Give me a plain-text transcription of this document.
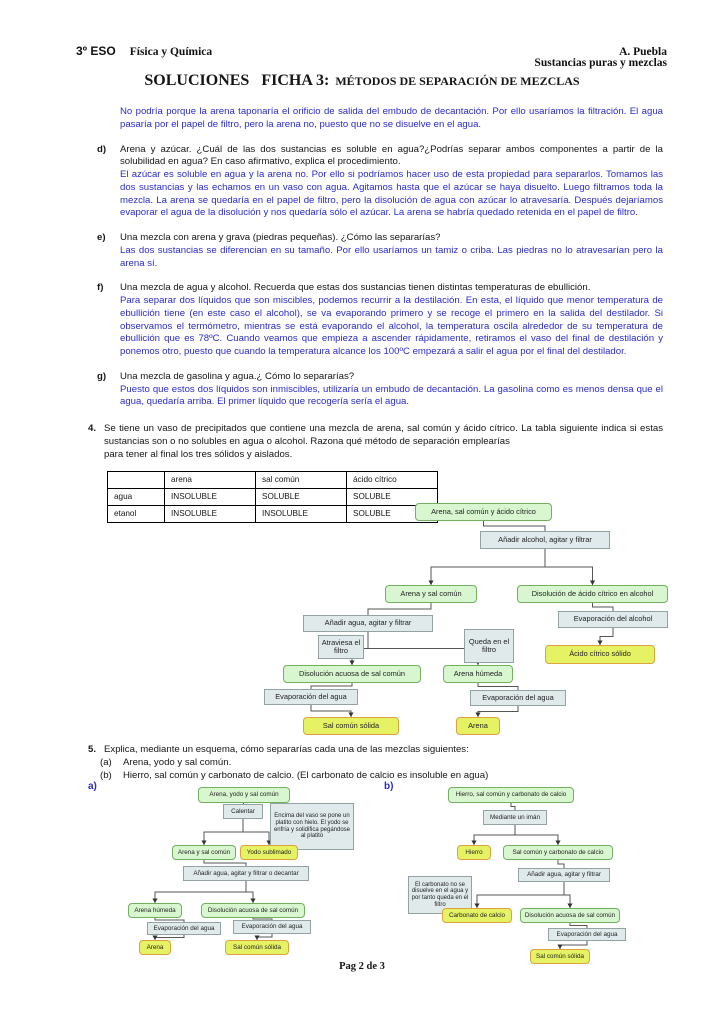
3º ESO Física y Química	A. Puebla
Sustancias puras y mezclas
SOLUCIONES FICHA 3: MÉTODOS DE SEPARACIÓN DE MEZCLAS
No podría porque la arena taponaría el orificio de salida del embudo de decantación. Por ello usaríamos la filtración. El agua pasaría por el papel de filtro, pero la arena no, puesto que no se disuelve en el agua.
d)	Arena y azúcar. ¿Cuál de las dos sustancias es soluble en agua?¿Podrías separar ambos componentes a partir de la solubilidad en agua? En caso afirmativo, explica el procedimiento.
El azúcar es soluble en agua y la arena no. Por ello si podríamos hacer uso de esta propiedad para separarlos. Tomamos las dos sustancias y las echamos en un vaso con agua. Agitamos hasta que el azúcar se haya disuelto. Luego filtramos toda la mezcla. La arena se quedaría en el papel de filtro, pero la disolución de agua con azúcar lo atravesaría. Después dejaríamos evaporar el agua de la disolución y nos quedaría sólo el azúcar. La arena se habría quedado retenida en el papel de filtro.
e)	Una mezcla con arena y grava (piedras pequeñas). ¿Cómo las separarías?
Las dos sustancias se diferencian en su tamaño. Por ello usaríamos un tamiz o criba. Las piedras no lo atravesarían pero la arena sí.
f)	Una mezcla de agua y alcohol. Recuerda que estas dos sustancias tienen distintas temperaturas de ebullición.
Para separar dos líquidos que son miscibles, podemos recurrir a la destilación. En esta, el líquido que menor temperatura de ebullición tiene (en este caso el alcohol), se va evaporando primero y se recoge el primero en la salida del destilador. Si observamos el termómetro, mientras se está evaporando el alcohol, la temperatura oscila alrededor de su temperatura de ebullición que es 78ºC. Cuando veamos que empieza a ascender rápidamente, retiramos el vaso del final de destilación y ponemos otro, puesto que cuando la temperatura alcance los 100ºC empezará a salir el agua por el final del destilador.
g)	Una mezcla de gasolina y agua.¿ Cómo lo separarías?
Puesto que estos dos líquidos son inmiscibles, utilizaría un embudo de decantación. La gasolina como es menos densa que el agua, quedaría arriba. El primer líquido que recogería sería el agua.
4. Se tiene un vaso de precipitados que contiene una mezcla de arena, sal común y ácido cítrico. La tabla siguiente indica si estas sustancias son o no solubles en agua o alcohol. Razona qué método de separación emplearías
para tener al final los tres sólidos y aislados.
	arena	sal común	ácido cítrico
agua	INSOLUBLE	SOLUBLE	SOLUBLE
etanol	INSOLUBLE	INSOLUBLE	SOLUBLE
5. Explica, mediante un esquema, cómo separarías cada una de las mezclas siguientes:
(a)	Arena, yodo y sal común.
(b)	Hierro, sal común y carbonato de calcio. (El carbonato de calcio es insoluble en agua)
a)	b)
Arena, sal común y ácido cítrico
Añadir alcohol, agitar y filtrar
Arena y sal común	Disolución de ácido cítrico en alcohol
Evaporación del alcohol
Ácido cítrico sólido
Añadir agua, agitar y filtrar
Atraviesa el filtro
Queda en el filtro
Disolución acuosa de sal común	Arena húmeda
Evaporación del agua
Sal común sólida
Evaporación del agua
Arena
Encima del vaso se pone un platito con hielo. El yodo se enfría y solidifica pegándose al platito
Arena, yodo y sal común
Calentar
Arena y sal común	Yodo sublimado
Añadir agua, agitar y filtrar o decantar
Arena húmeda	Disolución acuosa de sal común
Evaporación del agua	Evaporación del agua
Arena	Sal común sólida
El carbonato no se disuelve en el agua y por tanto queda en el filtro
Hierro, sal común y carbonato de calcio
Mediante un imán
Hierro	Sal común y carbonato de calcio
Añadir agua, agitar y filtrar
Carbonato de calcio	Disolución acuosa de sal común
Evaporación del agua
Sal común sólida
Pag 2 de 3
